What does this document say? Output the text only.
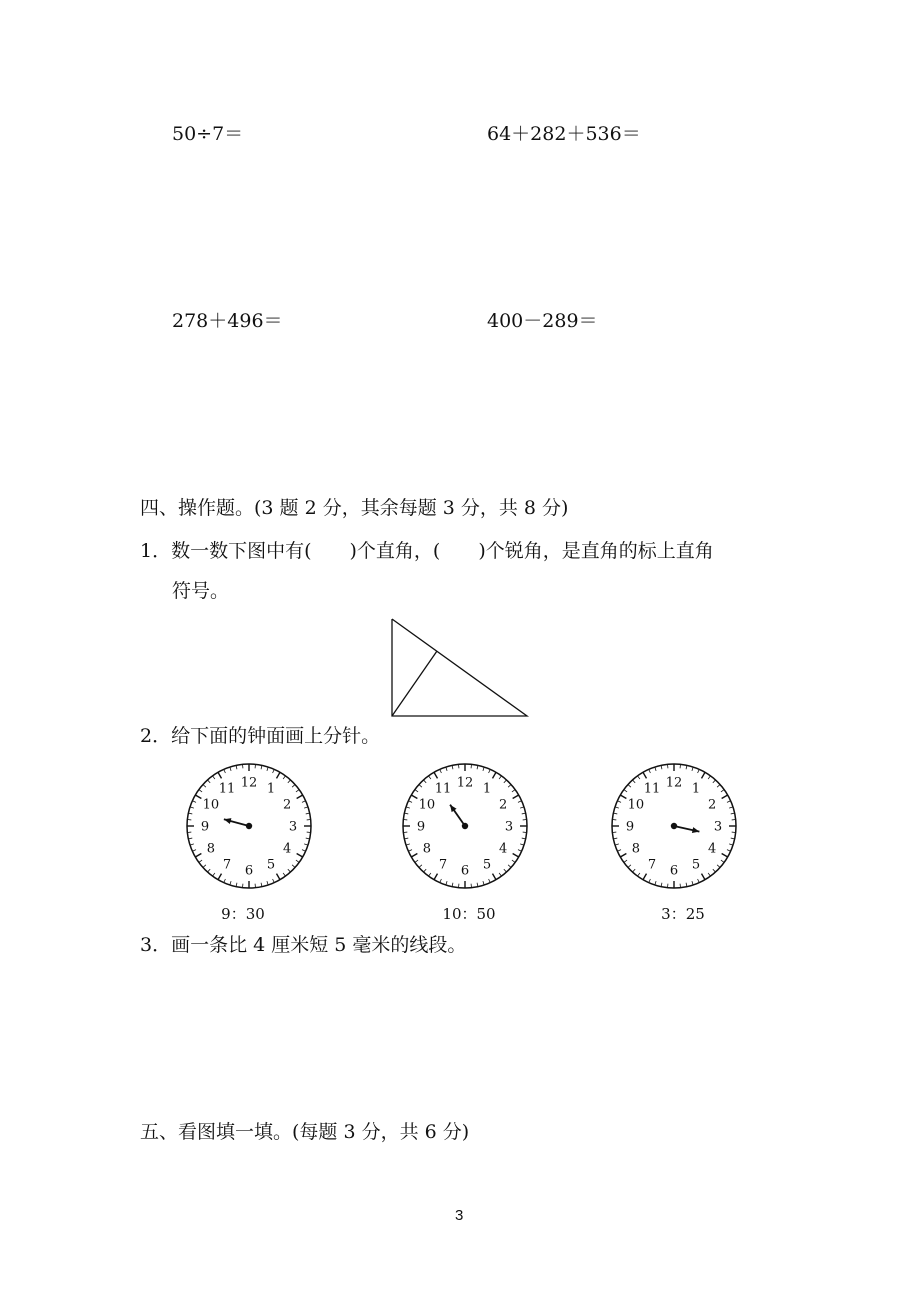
50÷7＝	64＋282＋536＝
278＋496＝	400－289＝
四、操作题。(3 题 2 分，其余每题 3 分，共 8 分)
1．数一数下图中有(　　)个直角，(　　)个锐角，是直角的标上直角
符号。
2．给下面的钟面画上分针。
12 1
2
3
4
5
6
7
8
9
10
11	12 1
2
3
4
5
6
7
8
9
10
11	12 1
2
3
4
5
6
7
8
9
10
11
9：30	10：50	3：25
3．画一条比 4 厘米短 5 毫米的线段。
五、看图填一填。(每题 3 分，共 6 分)
3
